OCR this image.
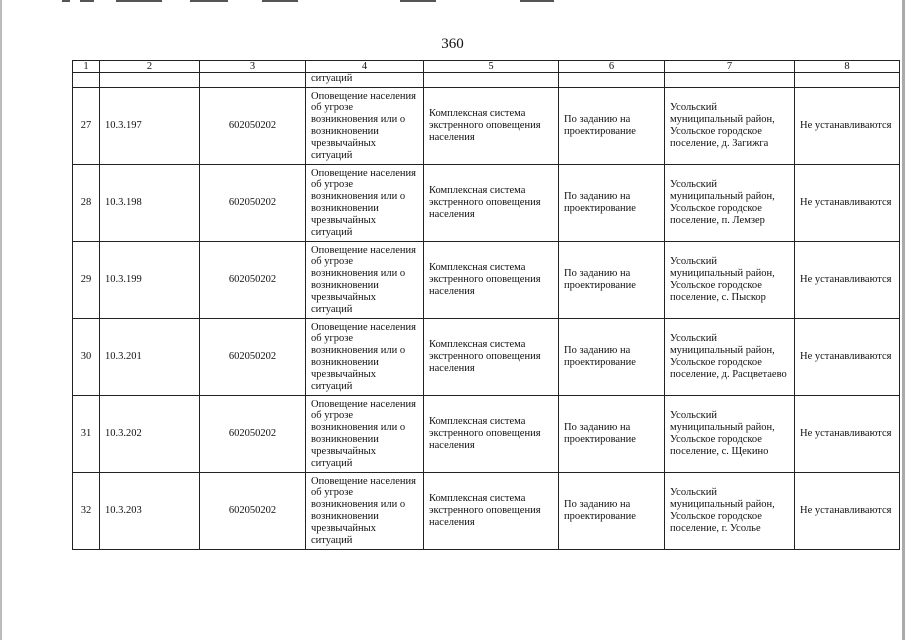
360
1	2	3	4	5	6	7	8
			ситуаций				
27	10.3.197	602050202	Оповещение населения об угрозе возникновения или о возникновении чрезвычайных ситуаций	Комплексная система экстренного оповещения населения	По заданию на проектирование	Усольский муниципальный район, Усольское городское поселение, д. Загижга	Не устанавливаются
28	10.3.198	602050202	Оповещение населения об угрозе возникновения или о возникновении чрезвычайных ситуаций	Комплексная система экстренного оповещения населения	По заданию на проектирование	Усольский муниципальный район, Усольское городское поселение, п. Лемзер	Не устанавливаются
29	10.3.199	602050202	Оповещение населения об угрозе возникновения или о возникновении чрезвычайных ситуаций	Комплексная система экстренного оповещения населения	По заданию на проектирование	Усольский муниципальный район, Усольское городское поселение, с. Пыскор	Не устанавливаются
30	10.3.201	602050202	Оповещение населения об угрозе возникновения или о возникновении чрезвычайных ситуаций	Комплексная система экстренного оповещения населения	По заданию на проектирование	Усольский муниципальный район, Усольское городское поселение, д. Расцветаево	Не устанавливаются
31	10.3.202	602050202	Оповещение населения об угрозе возникновения или о возникновении чрезвычайных ситуаций	Комплексная система экстренного оповещения населения	По заданию на проектирование	Усольский муниципальный район, Усольское городское поселение, с. Щекино	Не устанавливаются
32	10.3.203	602050202	Оповещение населения об угрозе возникновения или о возникновении чрезвычайных ситуаций	Комплексная система экстренного оповещения населения	По заданию на проектирование	Усольский муниципальный район, Усольское городское поселение, г. Усолье	Не устанавливаются
